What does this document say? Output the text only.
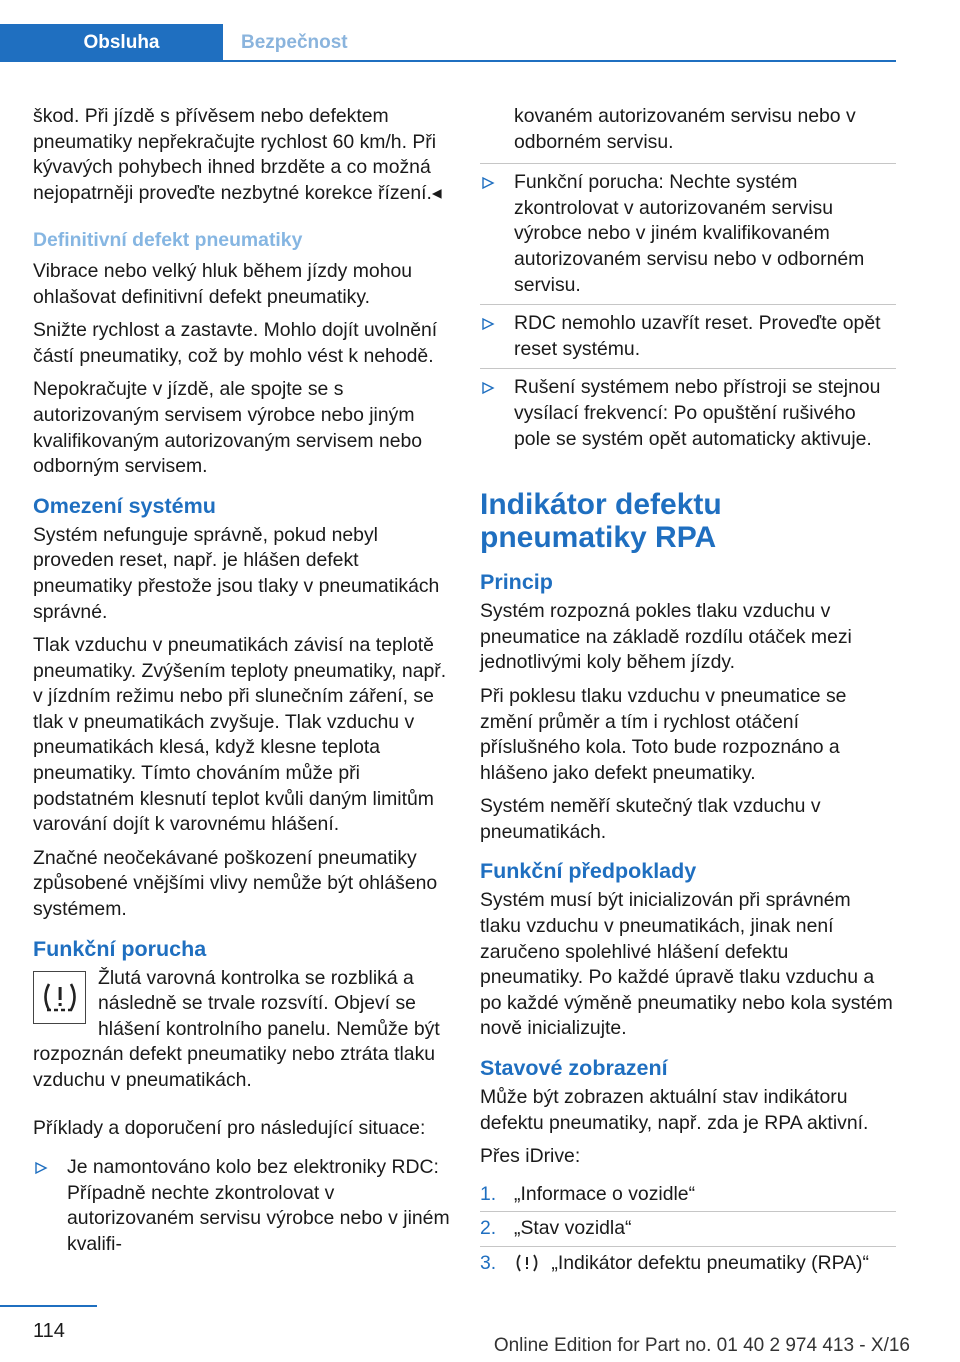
Obsluha	Bezpečnost

škod. Při jízdě s přívěsem nebo defektem pneumatiky nepřekračujte rychlost 60 km/h. Při kývavých pohybech ihned brzděte a co možná nejopatrněji proveďte nezbytné korekce řízení.◂

Definitivní defekt pneumatiky

Vibrace nebo velký hluk během jízdy mohou ohlašovat definitivní defekt pneumatiky.

Snižte rychlost a zastavte. Mohlo dojít uvolnění částí pneumatiky, což by mohlo vést k nehodě.

Nepokračujte v jízdě, ale spojte se s autorizovaným servisem výrobce nebo jiným kvalifikovaným autorizovaným servisem nebo odborným servisem.

Omezení systému

Systém nefunguje správně, pokud nebyl proveden reset, např. je hlášen defekt pneumatiky přestože jsou tlaky v pneumatikách správné.

Tlak vzduchu v pneumatikách závisí na teplotě pneumatiky. Zvýšením teploty pneumatiky, např. v jízdním režimu nebo při slunečním záření, se tlak v pneumatikách zvyšuje. Tlak vzduchu v pneumatikách klesá, když klesne teplota pneumatiky. Tímto chováním může při podstatném klesnutí teplot kvůli daným limitům varování dojít k varovnému hlášení.

Značné neočekávané poškození pneumatiky způsobené vnějšími vlivy nemůže být ohlášeno systémem.

Funkční porucha

Žlutá varovná kontrolka se rozbliká a následně se trvale rozsvítí. Objeví se hlášení kontrolního panelu. Nemůže být rozpoznán defekt pneumatiky nebo ztráta tlaku vzduchu v pneumatikách.

Příklady a doporučení pro následující situace:

Je namontováno kolo bez elektroniky RDC: Případně nechte zkontrolovat v autorizovaném servisu výrobce nebo v jiném kvalifi-
kovaném autorizovaném servisu nebo v odborném servisu.
Funkční porucha: Nechte systém zkontrolovat v autorizovaném servisu výrobce nebo v jiném kvalifikovaném autorizovaném servisu nebo v odborném servisu.
RDC nemohlo uzavřít reset. Proveďte opět reset systému.
Rušení systémem nebo přístroji se stejnou vysílací frekvencí: Po opuštění rušivého pole se systém opět automaticky aktivuje.
Indikátor defektu pneumatiky RPA
Princip

Systém rozpozná pokles tlaku vzduchu v pneumatice na základě rozdílu otáček mezi jednotlivými koly během jízdy.

Při poklesu tlaku vzduchu v pneumatice se změní průměr a tím i rychlost otáčení příslušného kola. Toto bude rozpoznáno a hlášeno jako defekt pneumatiky.

Systém neměří skutečný tlak vzduchu v pneumatikách.

Funkční předpoklady

Systém musí být inicializován při správném tlaku vzduchu v pneumatikách, jinak není zaručeno spolehlivé hlášení defektu pneumatiky. Po každé úpravě tlaku vzduchu a po každé výměně pneumatiky nebo kola systém nově inicializujte.

Stavové zobrazení

Může být zobrazen aktuální stav indikátoru defektu pneumatiky, např. zda je RPA aktivní.

Přes iDrive:

1. „Informace o vozidle“
2. „Stav vozidla“
3.	„Indikátor defektu pneumatiky (RPA)“
114
Online Edition for Part no. 01 40 2 974 413 - X/16
